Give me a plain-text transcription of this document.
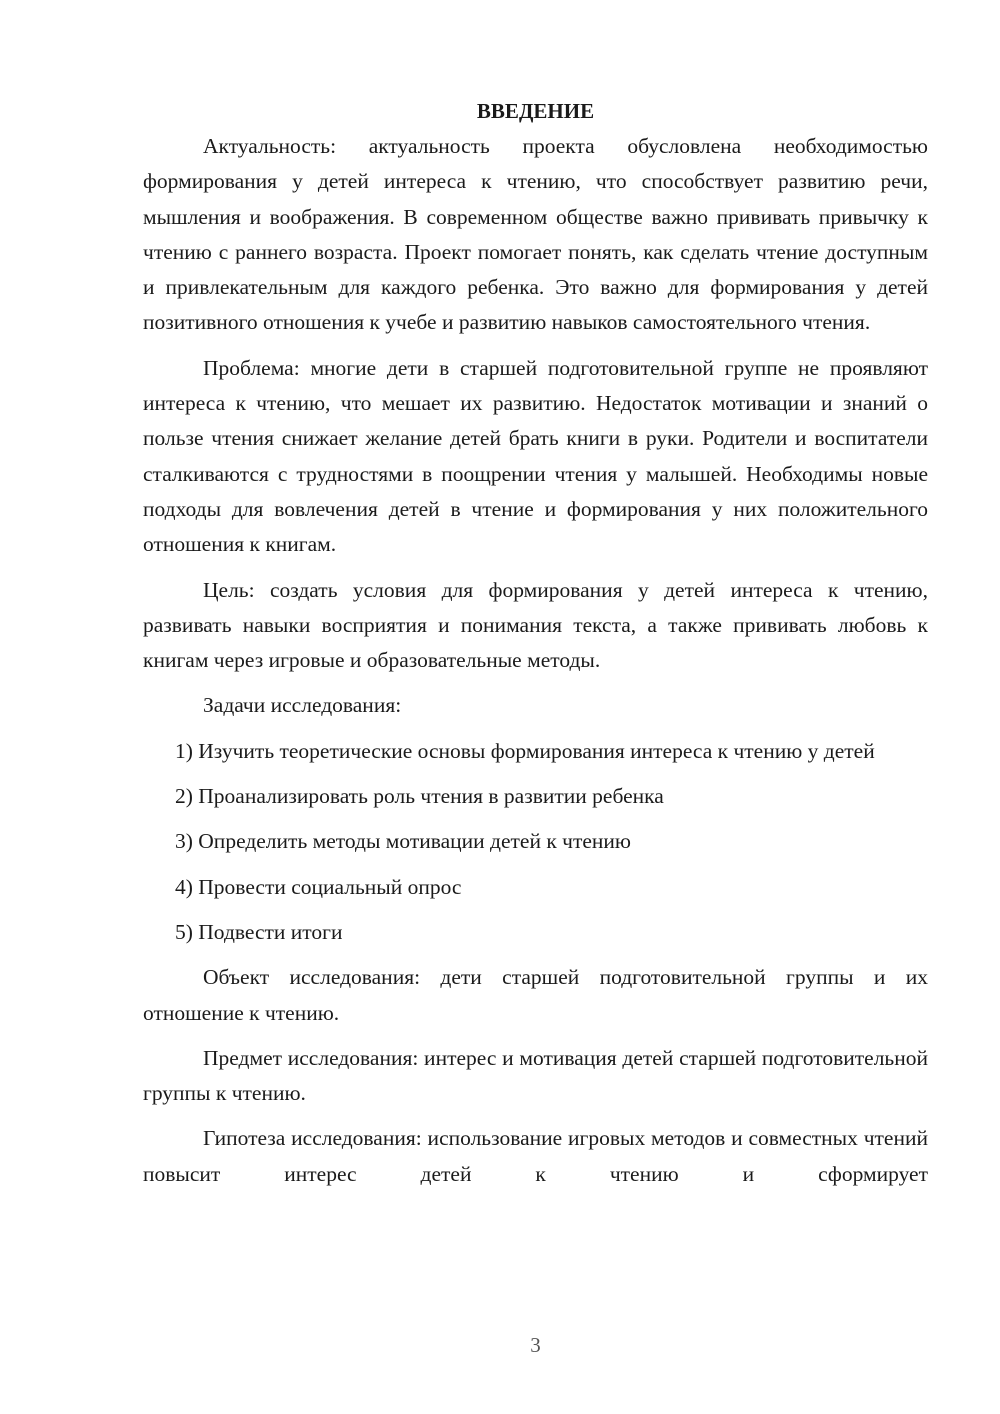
ВВЕДЕНИЕ

Актуальность: актуальность проекта обусловлена необходимостью формирования у детей интереса к чтению, что способствует развитию речи, мышления и воображения. В современном обществе важно прививать привычку к чтению с раннего возраста. Проект помогает понять, как сделать чтение доступным и привлекательным для каждого ребенка. Это важно для формирования у детей позитивного отношения к учебе и развитию навыков самостоятельного чтения.

Проблема: многие дети в старшей подготовительной группе не проявляют интереса к чтению, что мешает их развитию. Недостаток мотивации и знаний о пользе чтения снижает желание детей брать книги в руки. Родители и воспитатели сталкиваются с трудностями в поощрении чтения у малышей. Необходимы новые подходы для вовлечения детей в чтение и формирования у них положительного отношения к книгам.

Цель: создать условия для формирования у детей интереса к чтению, развивать навыки восприятия и понимания текста, а также прививать любовь к книгам через игровые и образовательные методы.

Задачи исследования:

1) Изучить теоретические основы формирования интереса к чтению у детей

2) Проанализировать роль чтения в развитии ребенка

3) Определить методы мотивации детей к чтению

4) Провести социальный опрос

5) Подвести итоги

Объект исследования: дети старшей подготовительной группы и их отношение к чтению.

Предмет исследования: интерес и мотивация детей старшей подготовительной группы к чтению.

Гипотеза исследования: использование игровых методов и совместных чтений повысит интерес детей к чтению и сформирует

3
